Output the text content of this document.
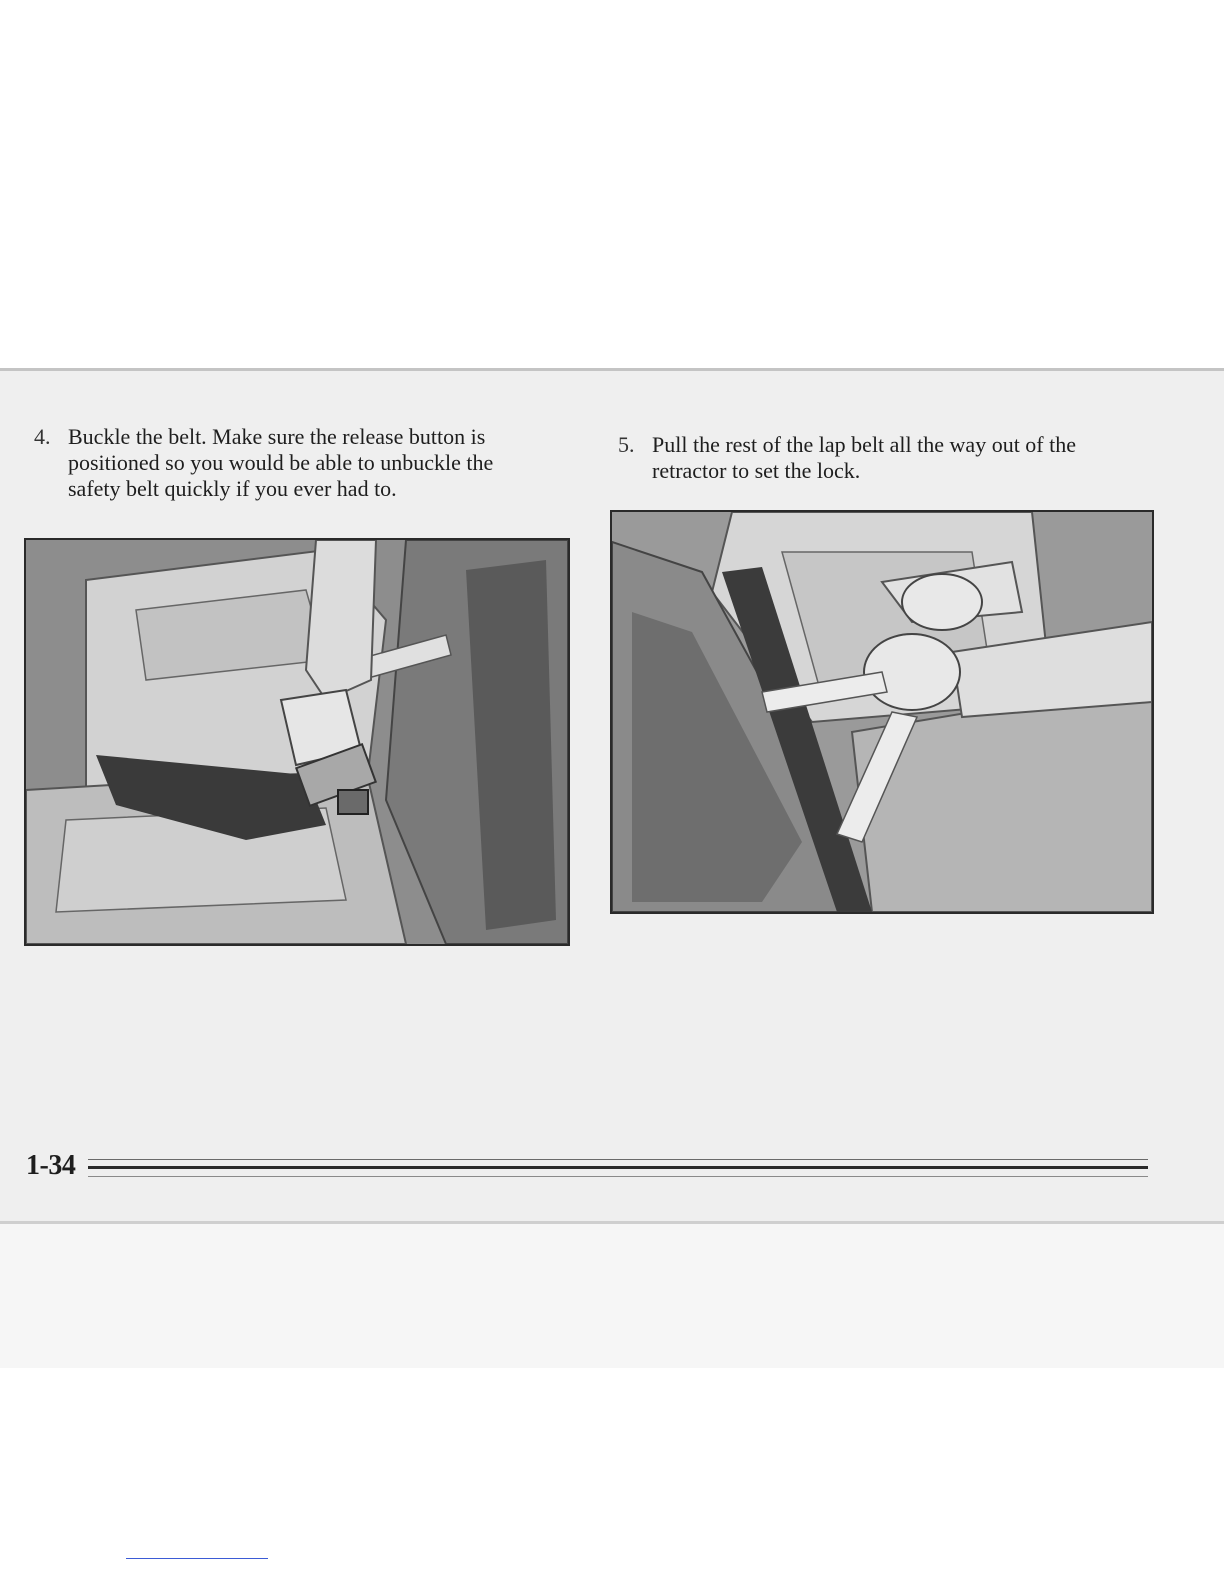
4. Buckle the belt. Make sure the release button is positioned so you would be able to unbuckle the safety belt quickly if you ever had to.
5. Pull the rest of the lap belt all the way out of the retractor to set the lock.
1-34
